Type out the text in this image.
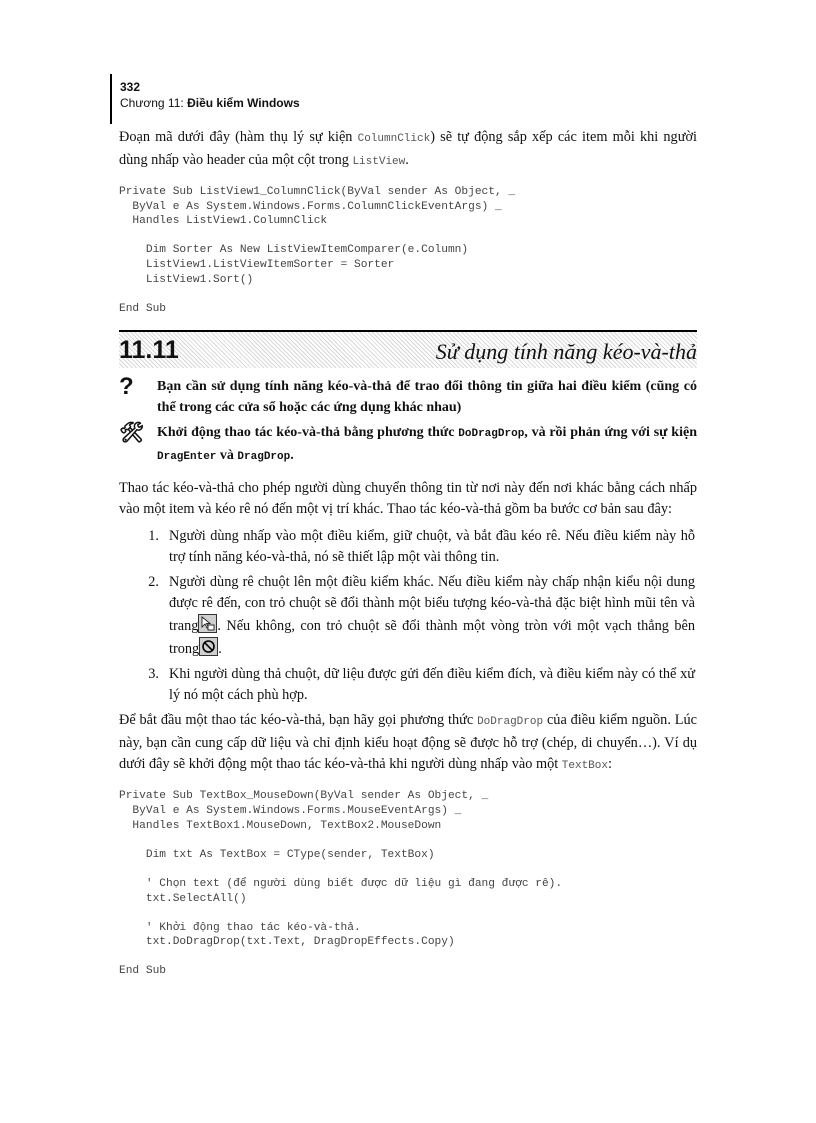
332
Chương 11: Điều kiểm Windows

Đoạn mã dưới đây (hàm thụ lý sự kiện ColumnClick) sẽ tự động sắp xếp các item mỗi khi người dùng nhấp vào header của một cột trong ListView.

Private Sub ListView1_ColumnClick(ByVal sender As Object, _
ByVal e As System.Windows.Forms.ColumnClickEventArgs) _
Handles ListView1.ColumnClick

Dim Sorter As New ListViewItemComparer(e.Column)
ListView1.ListViewItemSorter = Sorter
ListView1.Sort()

End Sub
11.11	Sử dụng tính năng kéo-và-thả
?	Bạn cần sử dụng tính năng kéo-và-thả để trao đổi thông tin giữa hai điều kiểm (cũng có thể trong các cửa sổ hoặc các ứng dụng khác nhau)
🛠 Khởi động thao tác kéo-và-thả bằng phương thức DoDragDrop, và rồi phản ứng với sự kiện DragEnter và DragDrop.

Thao tác kéo-và-thả cho phép người dùng chuyển thông tin từ nơi này đến nơi khác bằng cách nhấp vào một item và kéo rê nó đến một vị trí khác. Thao tác kéo-và-thả gồm ba bước cơ bản sau đây:

1. Người dùng nhấp vào một điều kiểm, giữ chuột, và bắt đầu kéo rê. Nếu điều kiểm này hỗ trợ tính năng kéo-và-thả, nó sẽ thiết lập một vài thông tin.
2. Người dùng rê chuột lên một điều kiểm khác. Nếu điều kiểm này chấp nhận kiểu nội dung được rê đến, con trỏ chuột sẽ đổi thành một biểu tượng kéo-và-thả đặc biệt hình mũi tên và trang . Nếu không, con trỏ chuột sẽ đổi thành một vòng tròn với một vạch thẳng bên trong .
3. Khi người dùng thả chuột, dữ liệu được gửi đến điều kiểm đích, và điều kiểm này có thể xử lý nó một cách phù hợp.

Để bắt đầu một thao tác kéo-và-thả, bạn hãy gọi phương thức DoDragDrop của điều kiểm nguồn. Lúc này, bạn cần cung cấp dữ liệu và chỉ định kiểu hoạt động sẽ được hỗ trợ (chép, di chuyển…). Ví dụ dưới đây sẽ khởi động một thao tác kéo-và-thả khi người dùng nhấp vào một TextBox:

Private Sub TextBox_MouseDown(ByVal sender As Object, _
ByVal e As System.Windows.Forms.MouseEventArgs) _
Handles TextBox1.MouseDown, TextBox2.MouseDown

Dim txt As TextBox = CType(sender, TextBox)

' Chọn text (để người dùng biết được dữ liệu gì đang được rê).
txt.SelectAll()

' Khởi động thao tác kéo-và-thả.
txt.DoDragDrop(txt.Text, DragDropEffects.Copy)

End Sub
